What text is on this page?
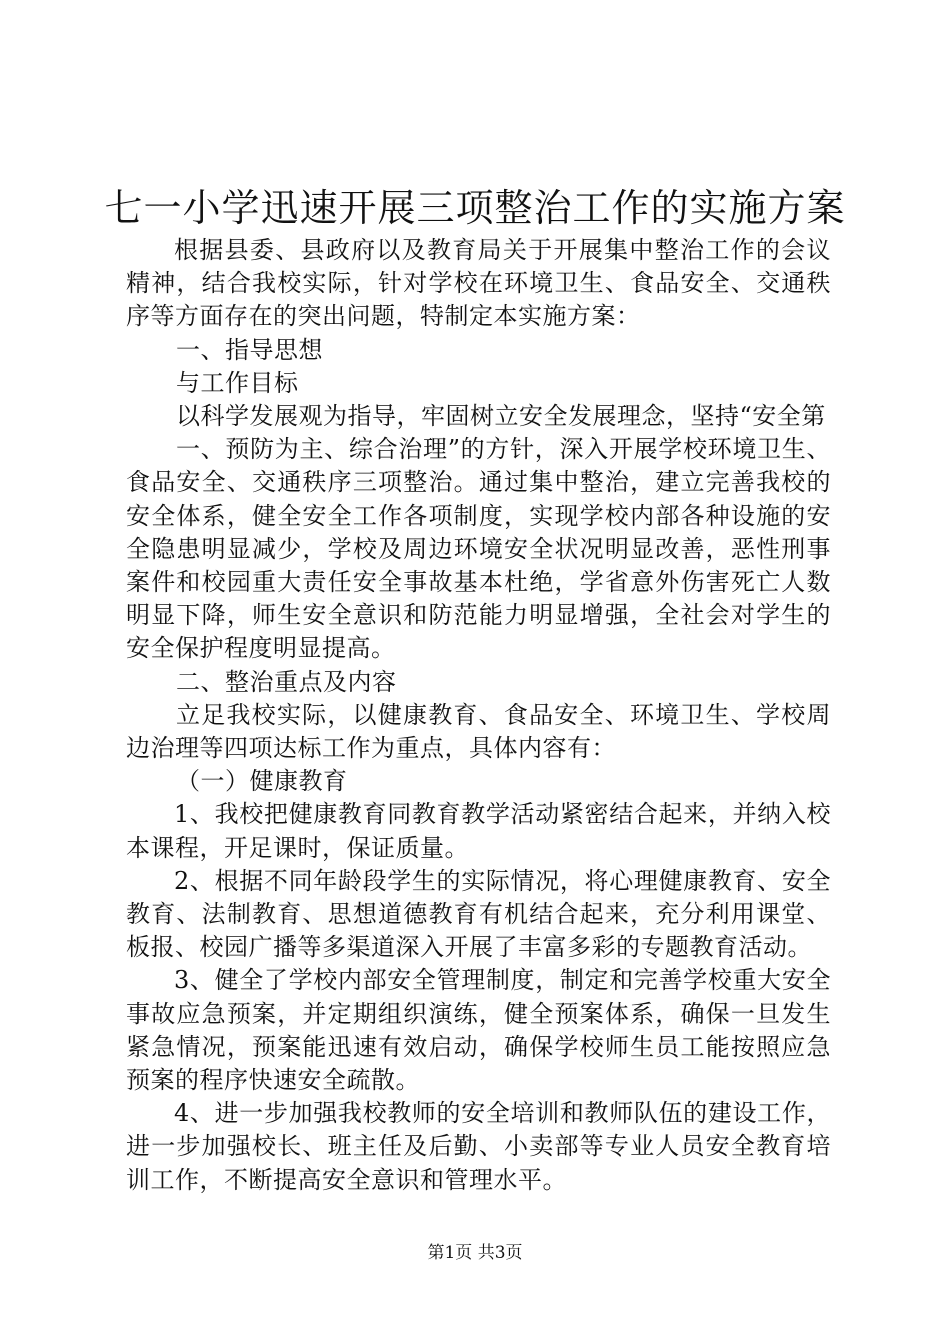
七一小学迅速开展三项整治工作的实施方案

根据县委、县政府以及教育局关于开展集中整治工作的会议精神，结合我校实际，针对学校在环境卫生、食品安全、交通秩序等方面存在的突出问题，特制定本实施方案：

一、指导思想

与工作目标

以科学发展观为指导，牢固树立安全发展理念，坚持“安全第

一、预防为主、综合治理”的方针，深入开展学校环境卫生、食品安全、交通秩序三项整治。通过集中整治，建立完善我校的安全体系，健全安全工作各项制度，实现学校内部各种设施的安全隐患明显减少，学校及周边环境安全状况明显改善，恶性刑事案件和校园重大责任安全事故基本杜绝，学省意外伤害死亡人数明显下降，师生安全意识和防范能力明显增强，全社会对学生的安全保护程度明显提高。

二、整治重点及内容

立足我校实际，以健康教育、食品安全、环境卫生、学校周边治理等四项达标工作为重点，具体内容有：

（一）健康教育

1、我校把健康教育同教育教学活动紧密结合起来，并纳入校本课程，开足课时，保证质量。

2、根据不同年龄段学生的实际情况，将心理健康教育、安全教育、法制教育、思想道德教育有机结合起来，充分利用课堂、板报、校园广播等多渠道深入开展了丰富多彩的专题教育活动。

3、健全了学校内部安全管理制度，制定和完善学校重大安全事故应急预案，并定期组织演练，健全预案体系，确保一旦发生紧急情况，预案能迅速有效启动，确保学校师生员工能按照应急预案的程序快速安全疏散。

4、进一步加强我校教师的安全培训和教师队伍的建设工作，进一步加强校长、班主任及后勤、小卖部等专业人员安全教育培训工作，不断提高安全意识和管理水平。

第1页 共3页
